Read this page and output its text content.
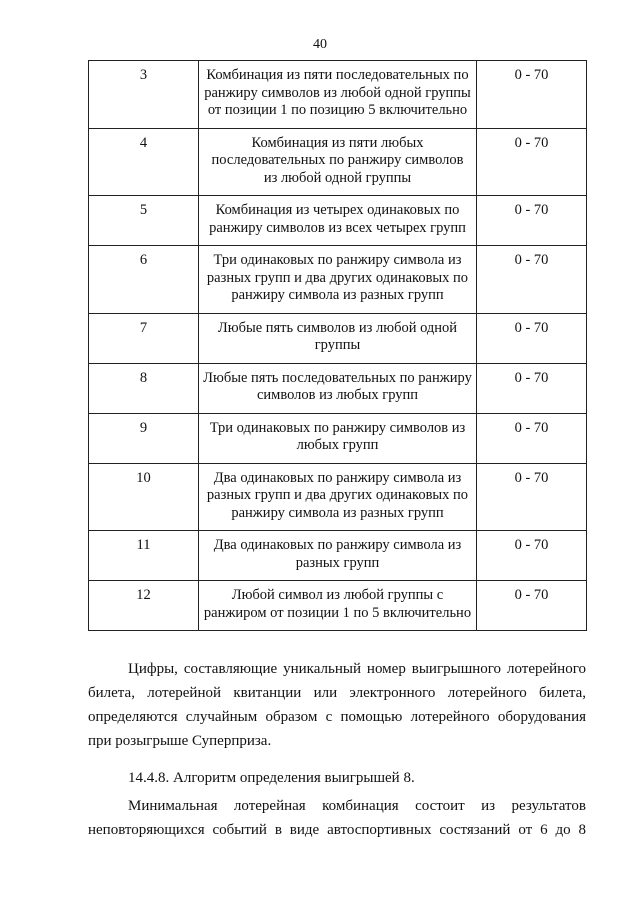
40
3	Комбинация из пяти последовательных по ранжиру символов из любой одной группы от позиции 1 по позицию 5 включительно	0 - 70
4	Комбинация из пяти любых последовательных по ранжиру символов из любой одной группы	0 - 70
5	Комбинация из четырех одинаковых по ранжиру символов из всех четырех групп	0 - 70
6	Три одинаковых по ранжиру символа из разных групп и два других одинаковых по ранжиру символа из разных групп	0 - 70
7	Любые пять символов из любой одной группы	0 - 70
8	Любые пять последовательных по ранжиру символов из любых групп	0 - 70
9	Три одинаковых по ранжиру символов из любых групп	0 - 70
10	Два одинаковых по ранжиру символа из разных групп и два других одинаковых по ранжиру символа из разных групп	0 - 70
11	Два одинаковых по ранжиру символа из разных групп	0 - 70
12	Любой символ из любой группы с ранжиром от позиции 1 по 5 включительно	0 - 70

Цифры, составляющие уникальный номер выигрышного лотерейного билета, лотерейной квитанции или электронного лотерейного билета, определяются случайным образом с помощью лотерейного оборудования при розыгрыше Суперприза.

14.4.8. Алгоритм определения выигрышей 8.

Минимальная лотерейная комбинация состоит из результатов неповторяющихся событий в виде автоспортивных состязаний от 6 до 8
